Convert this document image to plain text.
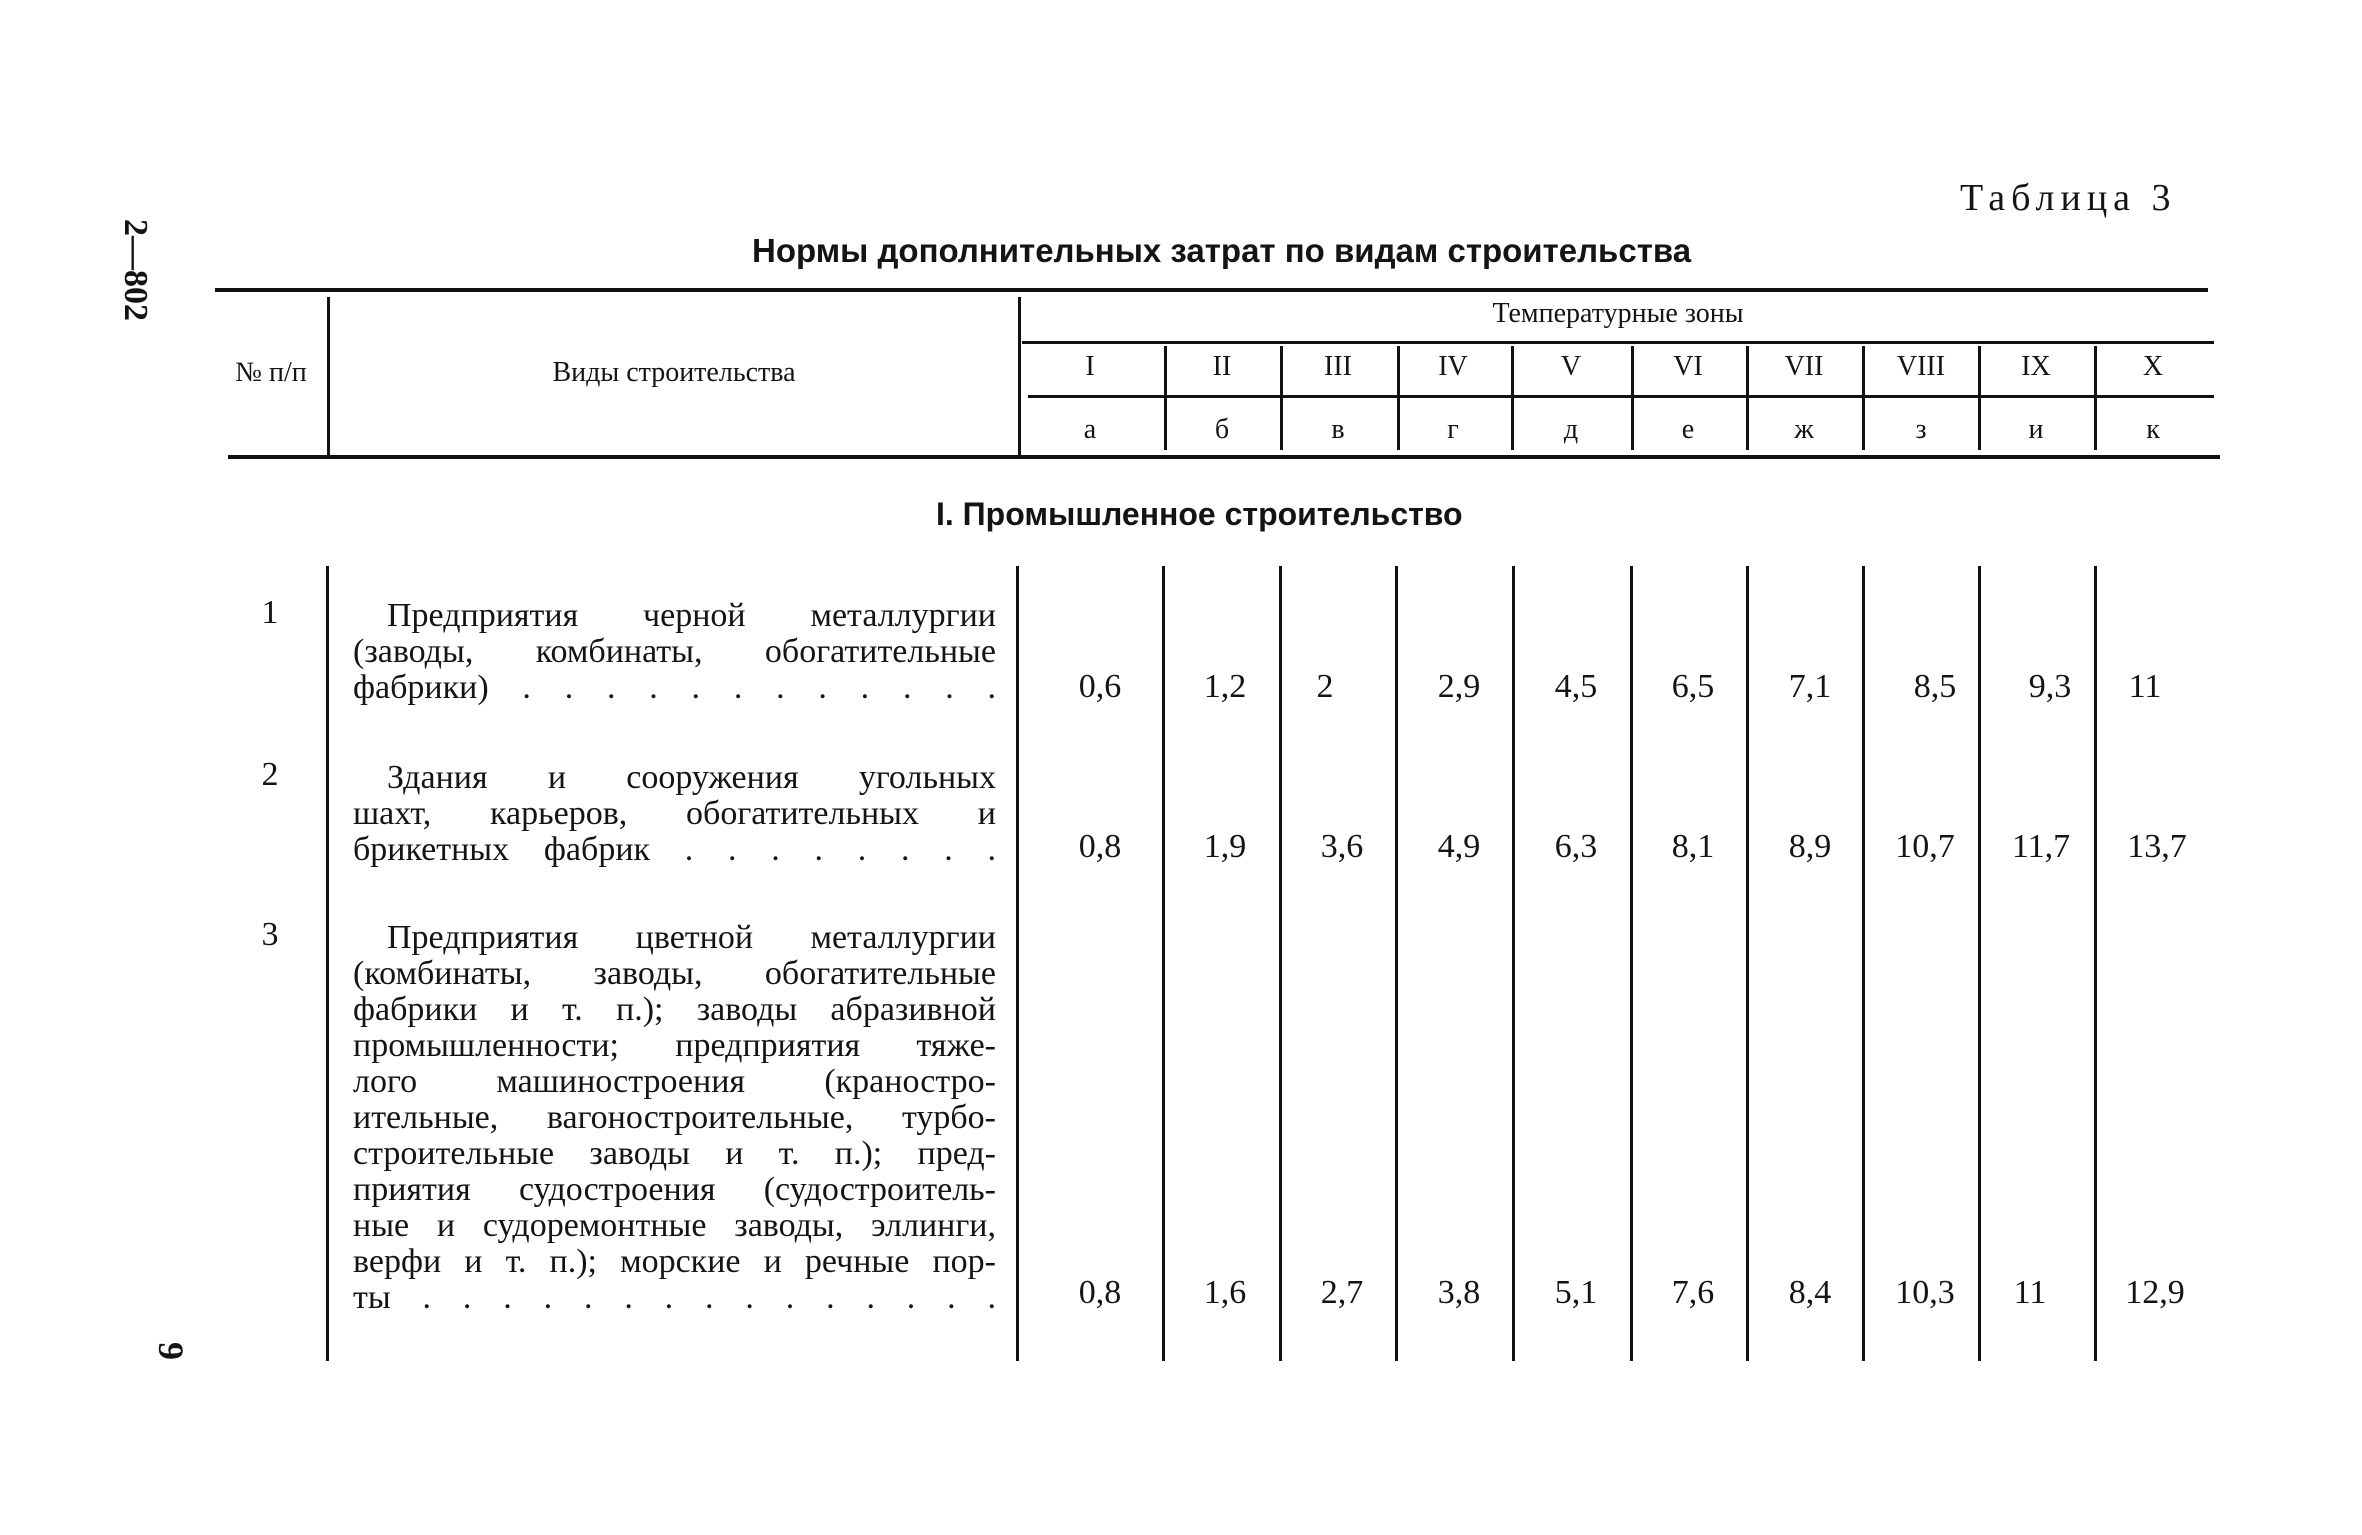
2—802
9
Таблица 3
Нормы дополнительных затрат по видам строительства
№ п/п	Виды строительства
Температурные зоны
I	II	III	IV	V	VI	VII	VIII	IX	X
а	б	в	г	д	е	ж	з	и	к
I. Промышленное строительство
1	Предприятия черной металлургии
(заводы, комбинаты, обогатительные
фабрики) . . . . . . . . . . . .	0,6	1,2	2	2,9	4,5	6,5	7,1	8,5	9,3	11
2	Здания и сооружения угольных
шахт, карьеров, обогатительных и
брикетных фабрик . . . . . . . .	0,8	1,9	3,6	4,9	6,3	8,1	8,9	10,7	11,7	13,7
3	Предприятия цветной металлургии
(комбинаты, заводы, обогатительные
фабрики и т. п.); заводы абразивной
промышленности; предприятия тяже-
лого машиностроения (краностро-
ительные, вагоностроительные, турбо-
строительные заводы и т. п.); пред-
приятия судостроения (судостроитель-
ные и судоремонтные заводы, эллинги,
верфи и т. п.); морские и речные пор-
ты . . . . . . . . . . . . . . .	0,8	1,6	2,7	3,8	5,1	7,6	8,4	10,3	11	12,9
